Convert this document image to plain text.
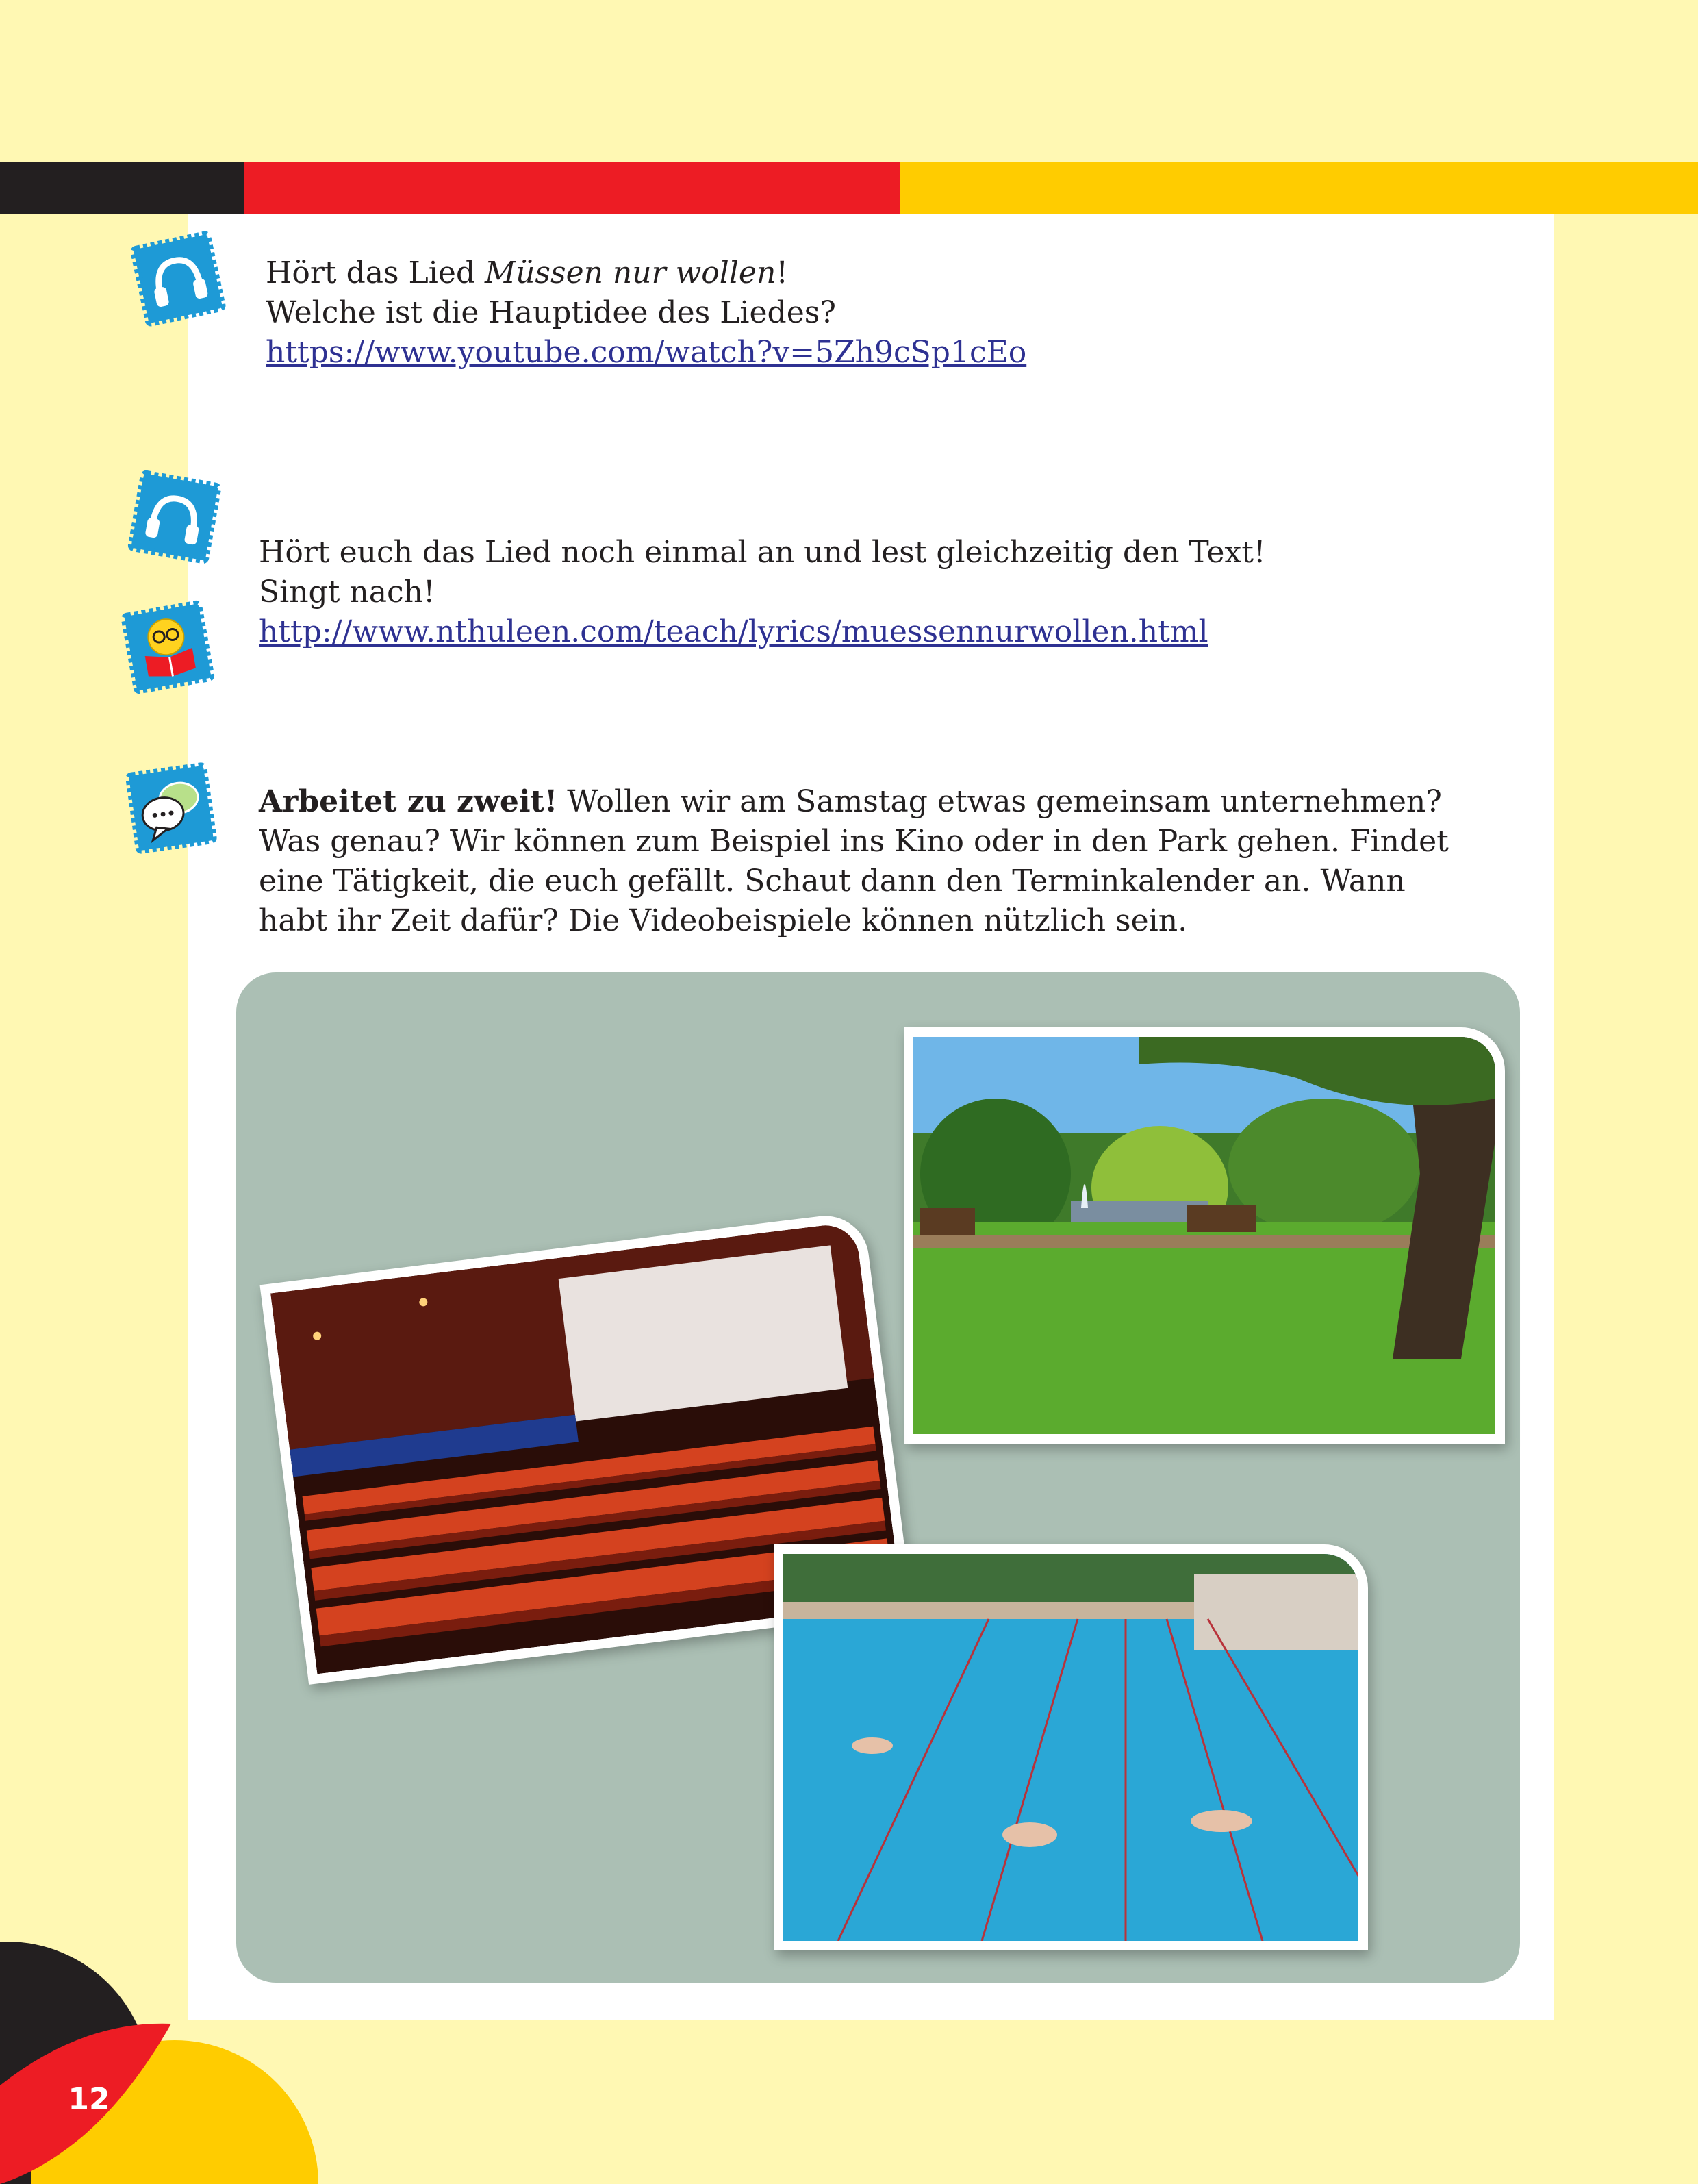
12

Hört das Lied Müssen nur wollen!

Welche ist die Hauptidee des Liedes?

https://www.youtube.com/watch?v=5Zh9cSp1cEo

Hört euch das Lied noch einmal an und lest gleichzeitig den Text!

Singt nach!

http://www.nthuleen.com/teach/lyrics/muessennurwollen.html

Arbeitet zu zweit! Wollen wir am Samstag etwas gemeinsam unternehmen? Was genau? Wir können zum Beispiel ins Kino oder in den Park gehen. Findet eine Tätigkeit, die euch gefällt. Schaut dann den Terminkalender an. Wann habt ihr Zeit dafür? Die Videobeispiele können nützlich sein.
